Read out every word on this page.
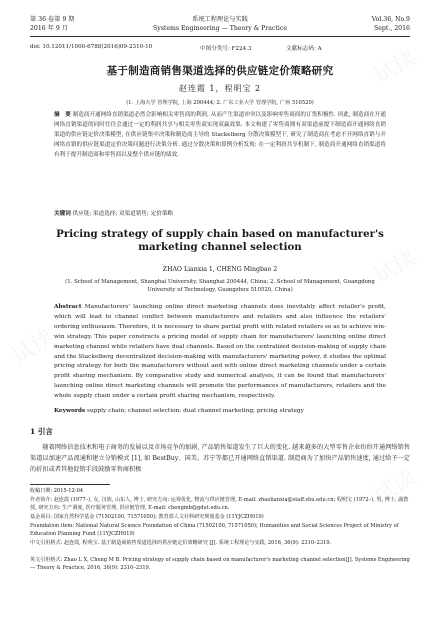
第 36 卷第 9 期	系统工程理论与实践	Vol.36, No.9
2016 年 9 月	Systems Engineering — Theory & Practice	Sept., 2016
doi: 10.12011/1000-6788(2016)09-2310-10	中图分类号: F224.3	文献标志码: A
基于制造商销售渠道选择的供应链定价策略研究
赵连霞 1，程明宝 2
(1. 上海大学 管理学院, 上海 200444; 2. 广东工业大学 管理学院, 广州 510520)
摘　要 制造商开通网络直销渠道必然会影响相关零售商的利润, 从而产生渠道冲突以及影响零售商商的订货积极性. 因此, 制造商在开通网络直销渠道的同时往往会通过一定的利润共享与相关零售商实现双赢效果. 本文构建了零售商拥有双渠道前提下制造商开通网络直销渠道的供应链定价决策模型, 在供应链集中决策和制造商主导的 Stackelberg 分散决策模型下, 研究了制造商在考虑不开网络直销与开网络直销的供应链渠道定价决策问题进行决策分析. 通过分散决策和算例分析发现: 在一定利润共享机制下, 制造商开通网络直销渠道将有利于提升制造商和零售商以及整个供应链的绩效.
关键词 供应链; 渠道选择; 双渠道销售; 定价策略
Pricing strategy of supply chain based on manufacturer's marketing channel selection
ZHAO Lianxia 1, CHENG Mingbao 2
(1. School of Management, Shanghai University, Shanghai 200444, China; 2. School of Management, Guangdong University of Technology, Guangzhou 510520, China)
Abstract Manufacturers' launching online direct marketing channels does inevitably affect retailer's profit, which will lead to channel conflict between manufacturers and retailers and also influence the retailers' ordering enthusiasm. Therefore, it is necessary to share partial profit with related retailers so as to achieve win-win strategy. This paper constructs a pricing model of supply chain for manufacturers' launching online direct marketing channel while retailers have dual channels. Based on the centralized decision-making of supply chain and the Stackelberg decentralized decision-making with manufacturers' marketing power, it studies the optimal pricing strategy for both the manufacturers without and with online direct marketing channels under a certain profit sharing mechanism. By comparative study and numerical analysis, it can be found that manufacturers' launching online direct marketing channels will promote the performances of manufacturers, retailers and the whole supply chain under a certain profit sharing mechanism, respectively.
Keywords supply chain; channel selection; dual channel marketing; pricing strategy
1 引言
随着网络信息技术和电子商务的发展以及市场竞争的加剧, 产品销售渠道发生了巨大的变化. 越来越多的大型零售企业纷纷开通网络销售渠道以加速产品流通和建立分销模式 [1], 如 BestBuy、国美、苏宁等都已开通网络直销渠道. 制造商为了加快产品销售速度, 通过给予一定的折扣或者其他促销手段鼓励零售商积极
收稿日期: 2015-12-04
作者简介: 赵连霞 (1977–), 女, 汉族, 山东人, 博士, 研究方向: 运筹优化, 物流与供应链管理, E-mail: zhaolianxia@staff.shu.edu.cn; 程明宝 (1972–), 男, 博士, 副教授, 研究方向: 生产调度, 医疗服务管理, 供应链管理, E-mail: chengmb@gdut.edu.cn.
基金项目: 国家自然科学基金 (71502100, 71571050); 教育部人文社科研究规划基金 (11YJCZH019)
Foundation item: National Natural Science Foundation of China (71502100, 71571050); Humanities and Social Sciences Project of Ministry of Education Planning Fund (11YJCZH019)
中文引用格式: 赵连霞, 程明宝. 基于制造商销售渠道选择的供应链定价策略研究 [J]. 系统工程理论与实践, 2016, 36(9): 2310–2319.
英文引用格式: Zhao L X, Cheng M B. Pricing strategy of supply chain based on manufacturer's marketing channel selection[J]. Systems Engineering — Theory & Practice, 2016, 36(9): 2310–2319.
试读
试读
试读
试读
